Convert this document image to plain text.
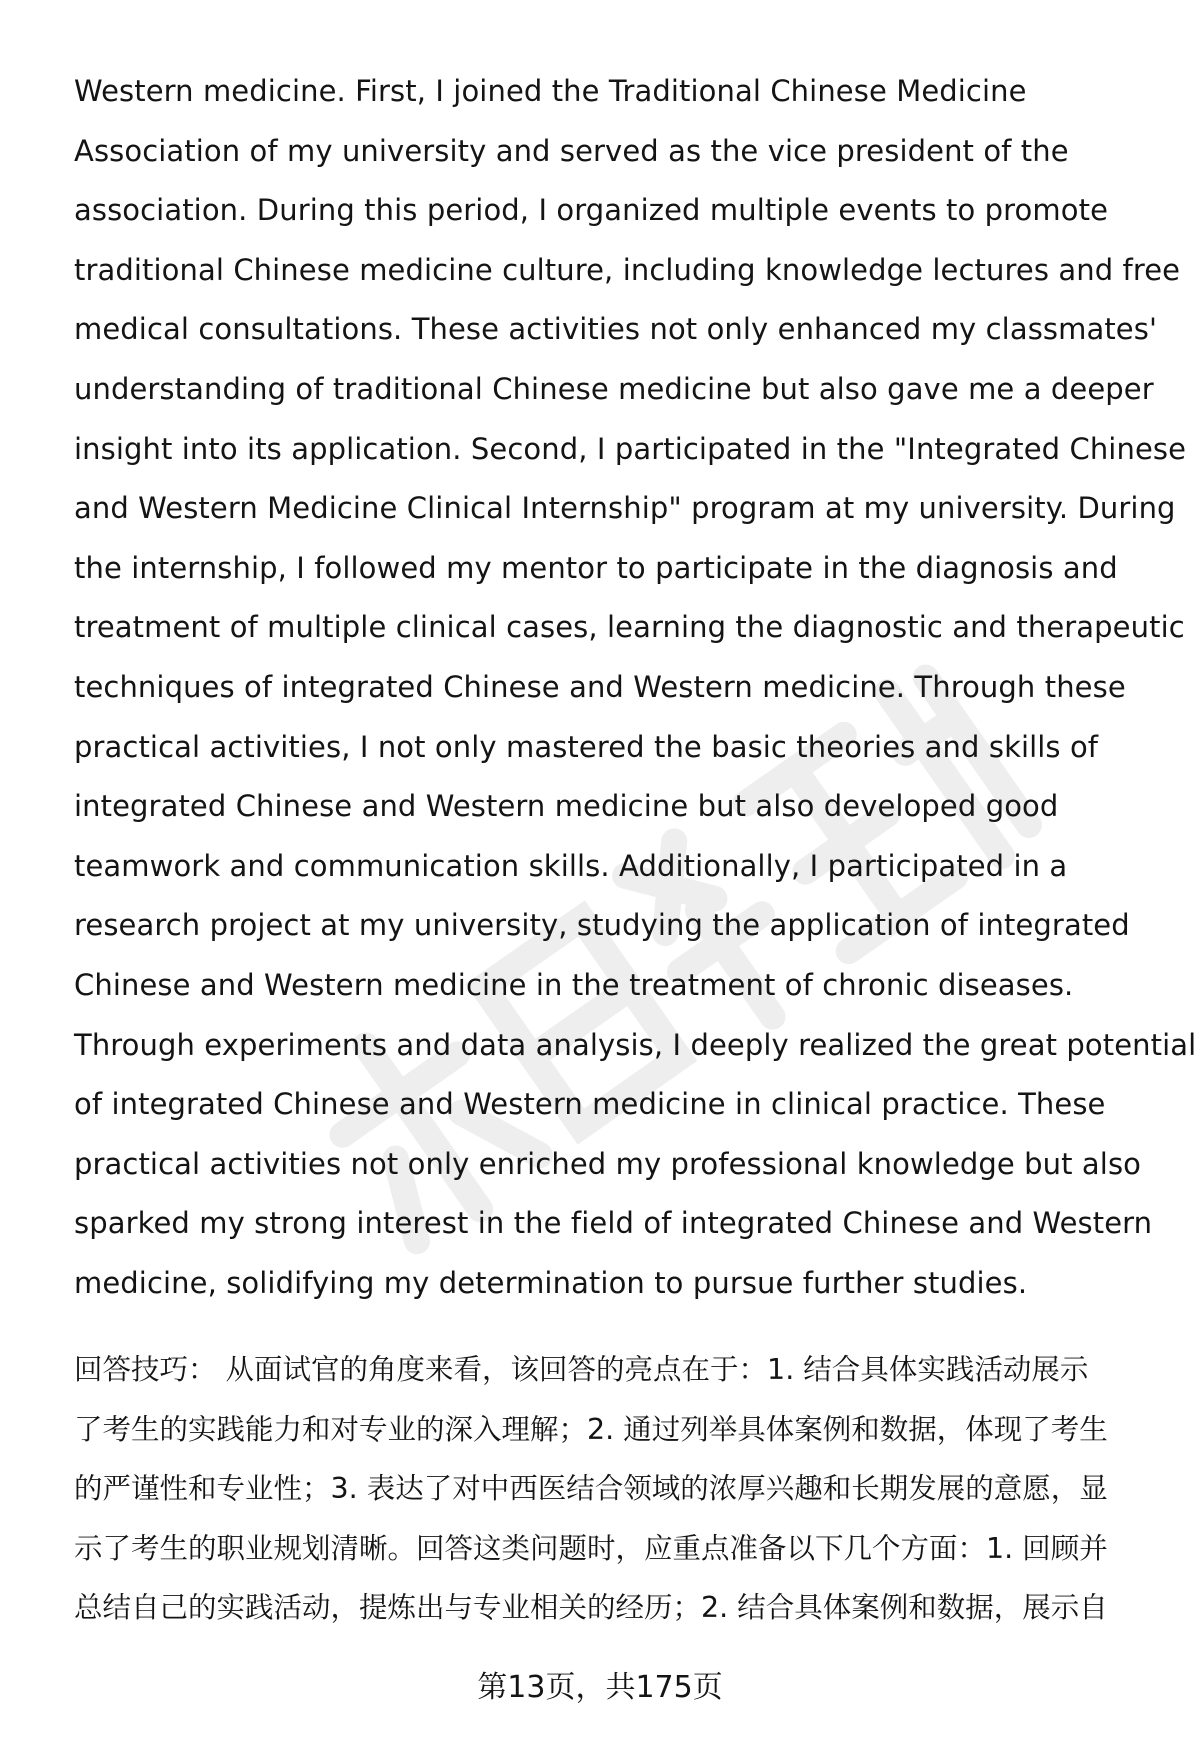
Western medicine. First, I joined the Traditional Chinese Medicine
Association of my university and served as the vice president of the
association. During this period, I organized multiple events to promote
traditional Chinese medicine culture, including knowledge lectures and free
medical consultations. These activities not only enhanced my classmates'
understanding of traditional Chinese medicine but also gave me a deeper
insight into its application. Second, I participated in the "Integrated Chinese
and Western Medicine Clinical Internship" program at my university. During
the internship, I followed my mentor to participate in the diagnosis and
treatment of multiple clinical cases, learning the diagnostic and therapeutic
techniques of integrated Chinese and Western medicine. Through these
practical activities, I not only mastered the basic theories and skills of
integrated Chinese and Western medicine but also developed good
teamwork and communication skills. Additionally, I participated in a
research project at my university, studying the application of integrated
Chinese and Western medicine in the treatment of chronic diseases.
Through experiments and data analysis, I deeply realized the great potential
of integrated Chinese and Western medicine in clinical practice. These
practical activities not only enriched my professional knowledge but also
sparked my strong interest in the field of integrated Chinese and Western
medicine, solidifying my determination to pursue further studies.
回答技巧： 从面试官的角度来看，该回答的亮点在于：1. 结合具体实践活动展示
了考生的实践能力和对专业的深入理解；2. 通过列举具体案例和数据，体现了考生
的严谨性和专业性；3. 表达了对中西医结合领域的浓厚兴趣和长期发展的意愿，显
示了考生的职业规划清晰。回答这类问题时，应重点准备以下几个方面：1. 回顾并
总结自己的实践活动，提炼出与专业相关的经历；2. 结合具体案例和数据，展示自
第13页，共175页
